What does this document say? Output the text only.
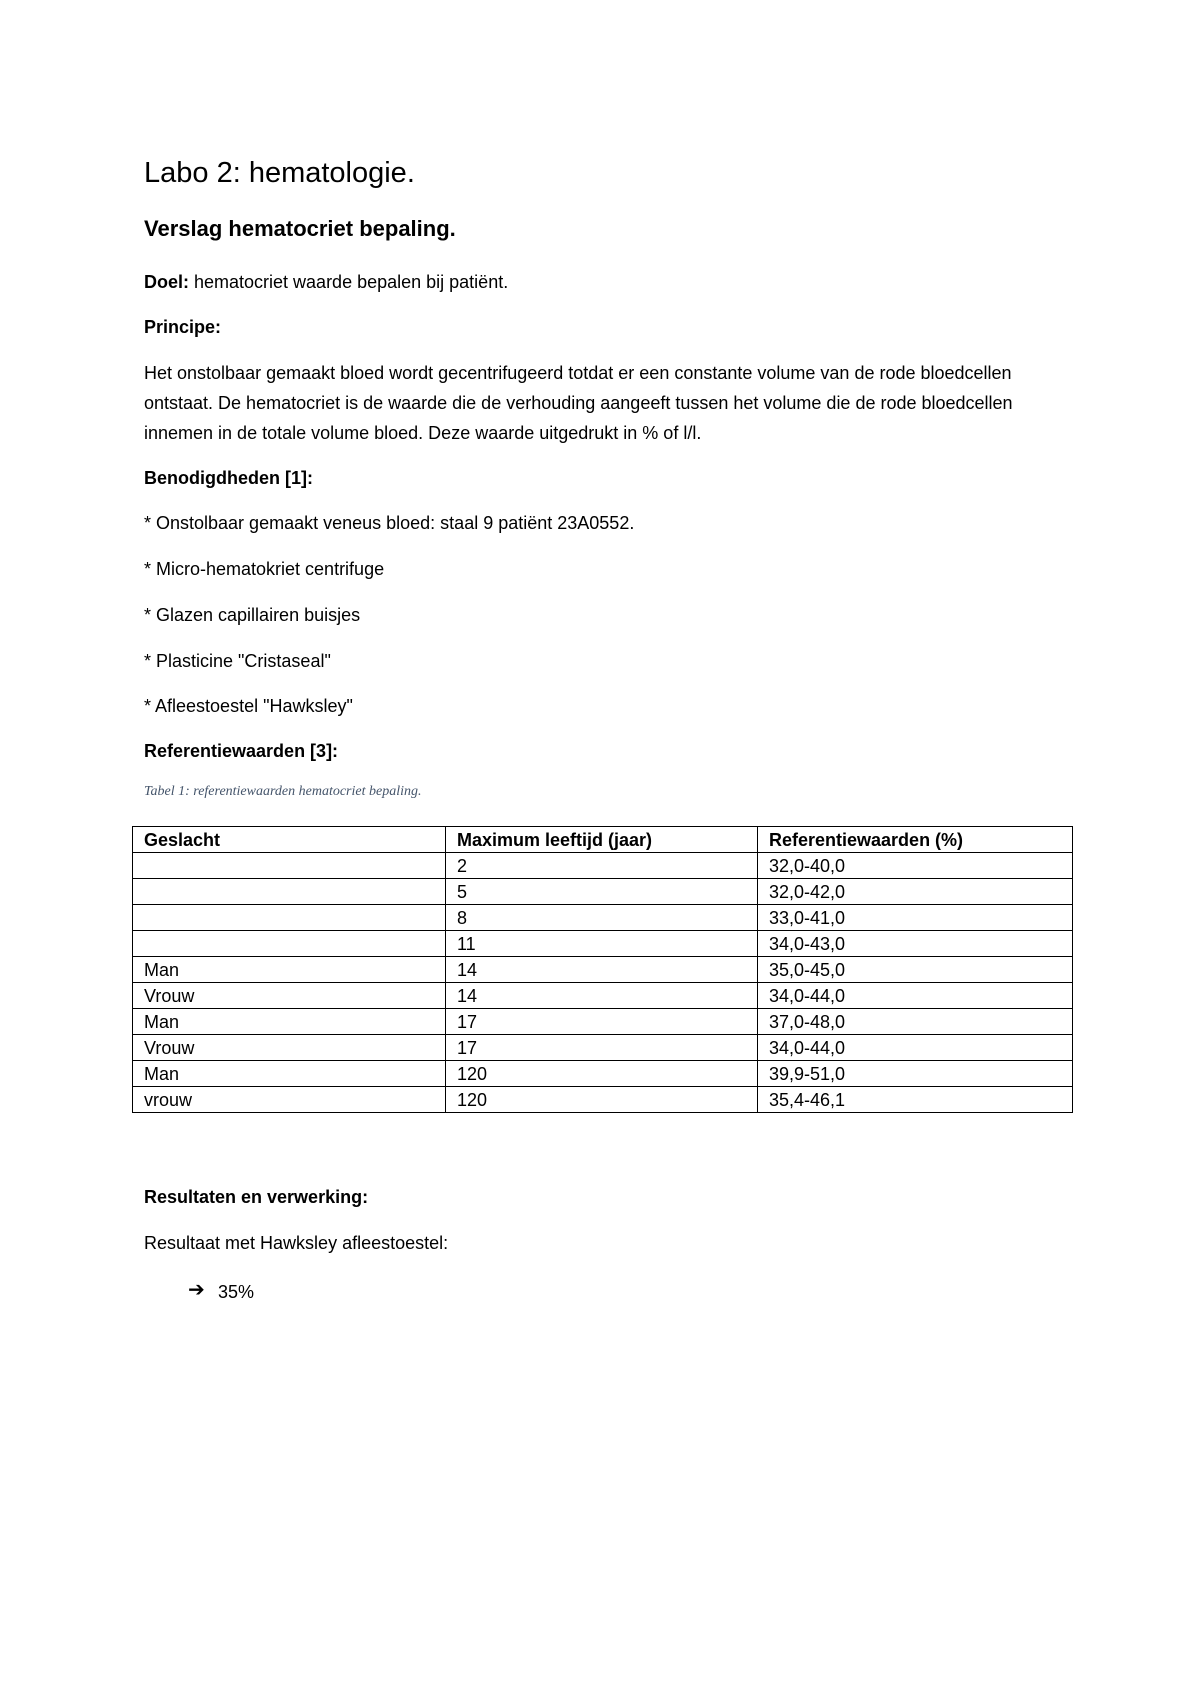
Labo 2: hematologie.
Verslag hematocriet bepaling.
Doel: hematocriet waarde bepalen bij patiënt.
Principe:
Het onstolbaar gemaakt bloed wordt gecentrifugeerd totdat er een constante volume van de rode bloedcellen ontstaat. De hematocriet is de waarde die de verhouding aangeeft tussen het volume die de rode bloedcellen innemen in de totale volume bloed. Deze waarde uitgedrukt in % of l/l.
Benodigdheden [1]:
* Onstolbaar gemaakt veneus bloed: staal 9 patiënt 23A0552.
* Micro-hematokriet centrifuge
* Glazen capillairen buisjes
* Plasticine "Cristaseal"
* Afleestoestel "Hawksley"
Referentiewaarden [3]:
Tabel 1: referentiewaarden hematocriet bepaling.
Geslacht	Maximum leeftijd (jaar)	Referentiewaarden (%)
	2	32,0-40,0
	5	32,0-42,0
	8	33,0-41,0
	11	34,0-43,0
Man	14	35,0-45,0
Vrouw	14	34,0-44,0
Man	17	37,0-48,0
Vrouw	17	34,0-44,0
Man	120	39,9-51,0
vrouw	120	35,4-46,1
Resultaten en verwerking:
Resultaat met Hawksley afleestoestel:
➔ 35%
